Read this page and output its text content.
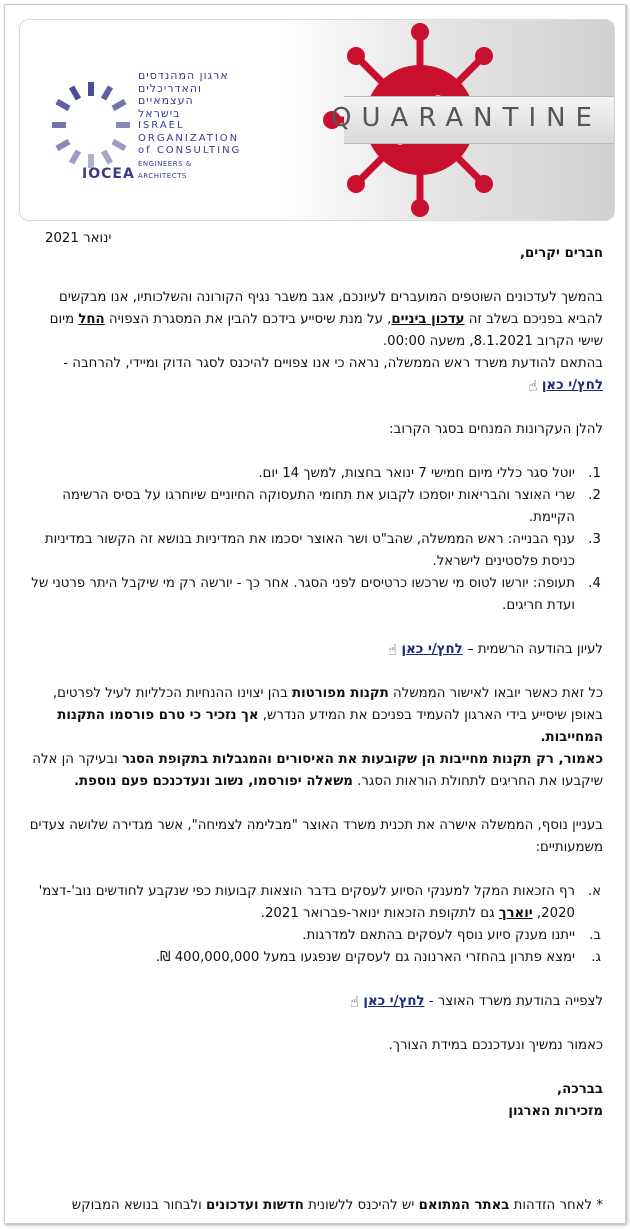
QUARANTINE
IOCEA
ארגון המהנדסים
והאדריכלים
העצמאיים
בישראל
ISRAEL
ORGANIZATION
of CONSULTING
ENGINEERS & ARCHITECTS
ינואר 2021

חברים יקרים,

בהמשך לעדכונים השוטפים המועברים לעיונכם, אגב משבר נגיף הקורונה והשלכותיו, אנו מבקשים להביא בפניכם בשלב זה עדכון ביניים, על מנת שיסייע בידכם להבין את המסגרת הצפויה החל מיום שישי הקרוב 8.1.2021, משעה 00:00.

בהתאם להודעת משרד ראש הממשלה, נראה כי אנו צפויים להיכנס לסגר הדוק ומיידי, להרחבה -
לחץ/י כאן ☝

להלן העקרונות המנחים בסגר הקרוב:

1.
יוטל סגר כללי מיום חמישי 7 ינואר בחצות, למשך 14 יום.
2.
שרי האוצר והבריאות יוסמכו לקבוע את תחומי התעסוקה החיוניים שיוחרגו על בסיס הרשימה הקיימת.
3.
ענף הבנייה: ראש הממשלה, שהב"ט ושר האוצר יסכמו את המדיניות בנושא זה הקשור במדיניות כניסת פלסטינים לישראל.
4.
תעופה: יורשו לטוס מי שרכשו כרטיסים לפני הסגר. אחר כך - יורשה רק מי שיקבל היתר פרטני של ועדת חריגים.

לעיון בהודעה הרשמית – לחץ/י כאן ☝

כל זאת כאשר יובאו לאישור הממשלה תקנות מפורטות בהן יצוינו ההנחיות הכלליות לעיל לפרטים, באופן שיסייע בידי הארגון להעמיד בפניכם את המידע הנדרש, אך נזכיר כי טרם פורסמו התקנות המחייבות.

כאמור, רק תקנות מחייבות הן שקובעות את האיסורים והמגבלות בתקופת הסגר ובעיקר הן אלה שיקבעו את החריגים לתחולת הוראות הסגר. משאלה יפורסמו, נשוב ונעדכנכם פעם נוספת.

בעניין נוסף, הממשלה אישרה את תכנית משרד האוצר "מבלימה לצמיחה", אשר מגדירה שלושה צעדים משמעותיים:

א.
רף הזכאות המקל למענקי הסיוע לעסקים בדבר הוצאות קבועות כפי שנקבע לחודשים נוב'-דצמ' 2020, יוארך גם לתקופת הזכאות ינואר-פברואר 2021.
ב.
ייתנו מענק סיוע נוסף לעסקים בהתאם למדרגות.
ג.
ימצא פתרון בהחזרי הארנונה גם לעסקים שנפגעו במעל 400,000,000 ₪.

לצפייה בהודעת משרד האוצר - לחץ/י כאן ☝

כאמור נמשיך ונעדכנכם במידת הצורך.

בברכה,

מזכירות הארגון

* לאחר הזדהות באתר המתואם יש להיכנס ללשונית חדשות ועדכונים ולבחור בנושא המבוקש
